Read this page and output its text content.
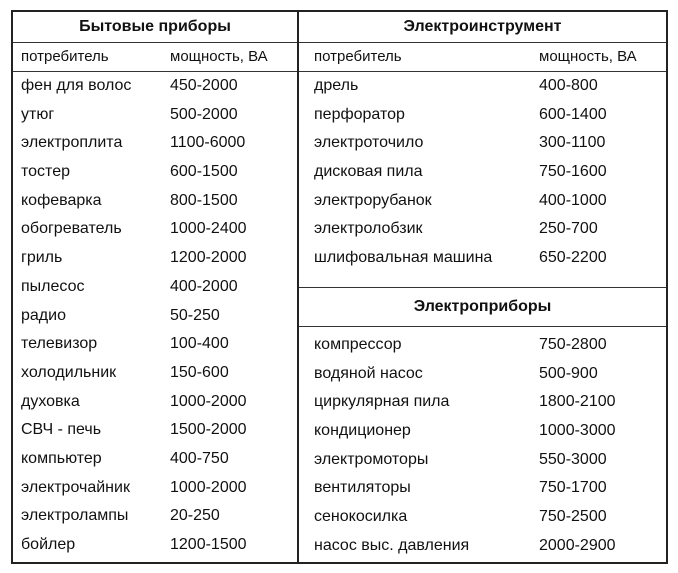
Бытовые приборы
потребитель	мощность, ВА
фен для волос 450-2000
утюг	500-2000
электроплита	1100-6000
тостер	600-1500
кофеварка	800-1500
обогреватель	1000-2400
гриль	1200-2000
пылесос	400-2000
радио	50-250
телевизор	100-400
холодильник	150-600
духовка	1000-2000
СВЧ - печь	1500-2000
компьютер	400-750
электрочайник	1000-2000
электролампы	20-250
бойлер	1200-1500
Электроинструмент
потребитель	мощность, ВА
дрель	400-800
перфоратор	600-1400
электроточило	300-1100
дисковая пила	750-1600
электрорубанок	400-1000
электролобзик	250-700
шлифовальная машина	650-2200
Электроприборы
компрессор	750-2800
водяной насос	500-900
циркулярная пила	1800-2100
кондиционер	1000-3000
электромоторы	550-3000
вентиляторы	750-1700
сенокосилка	750-2500
насос выс. давления	2000-2900
